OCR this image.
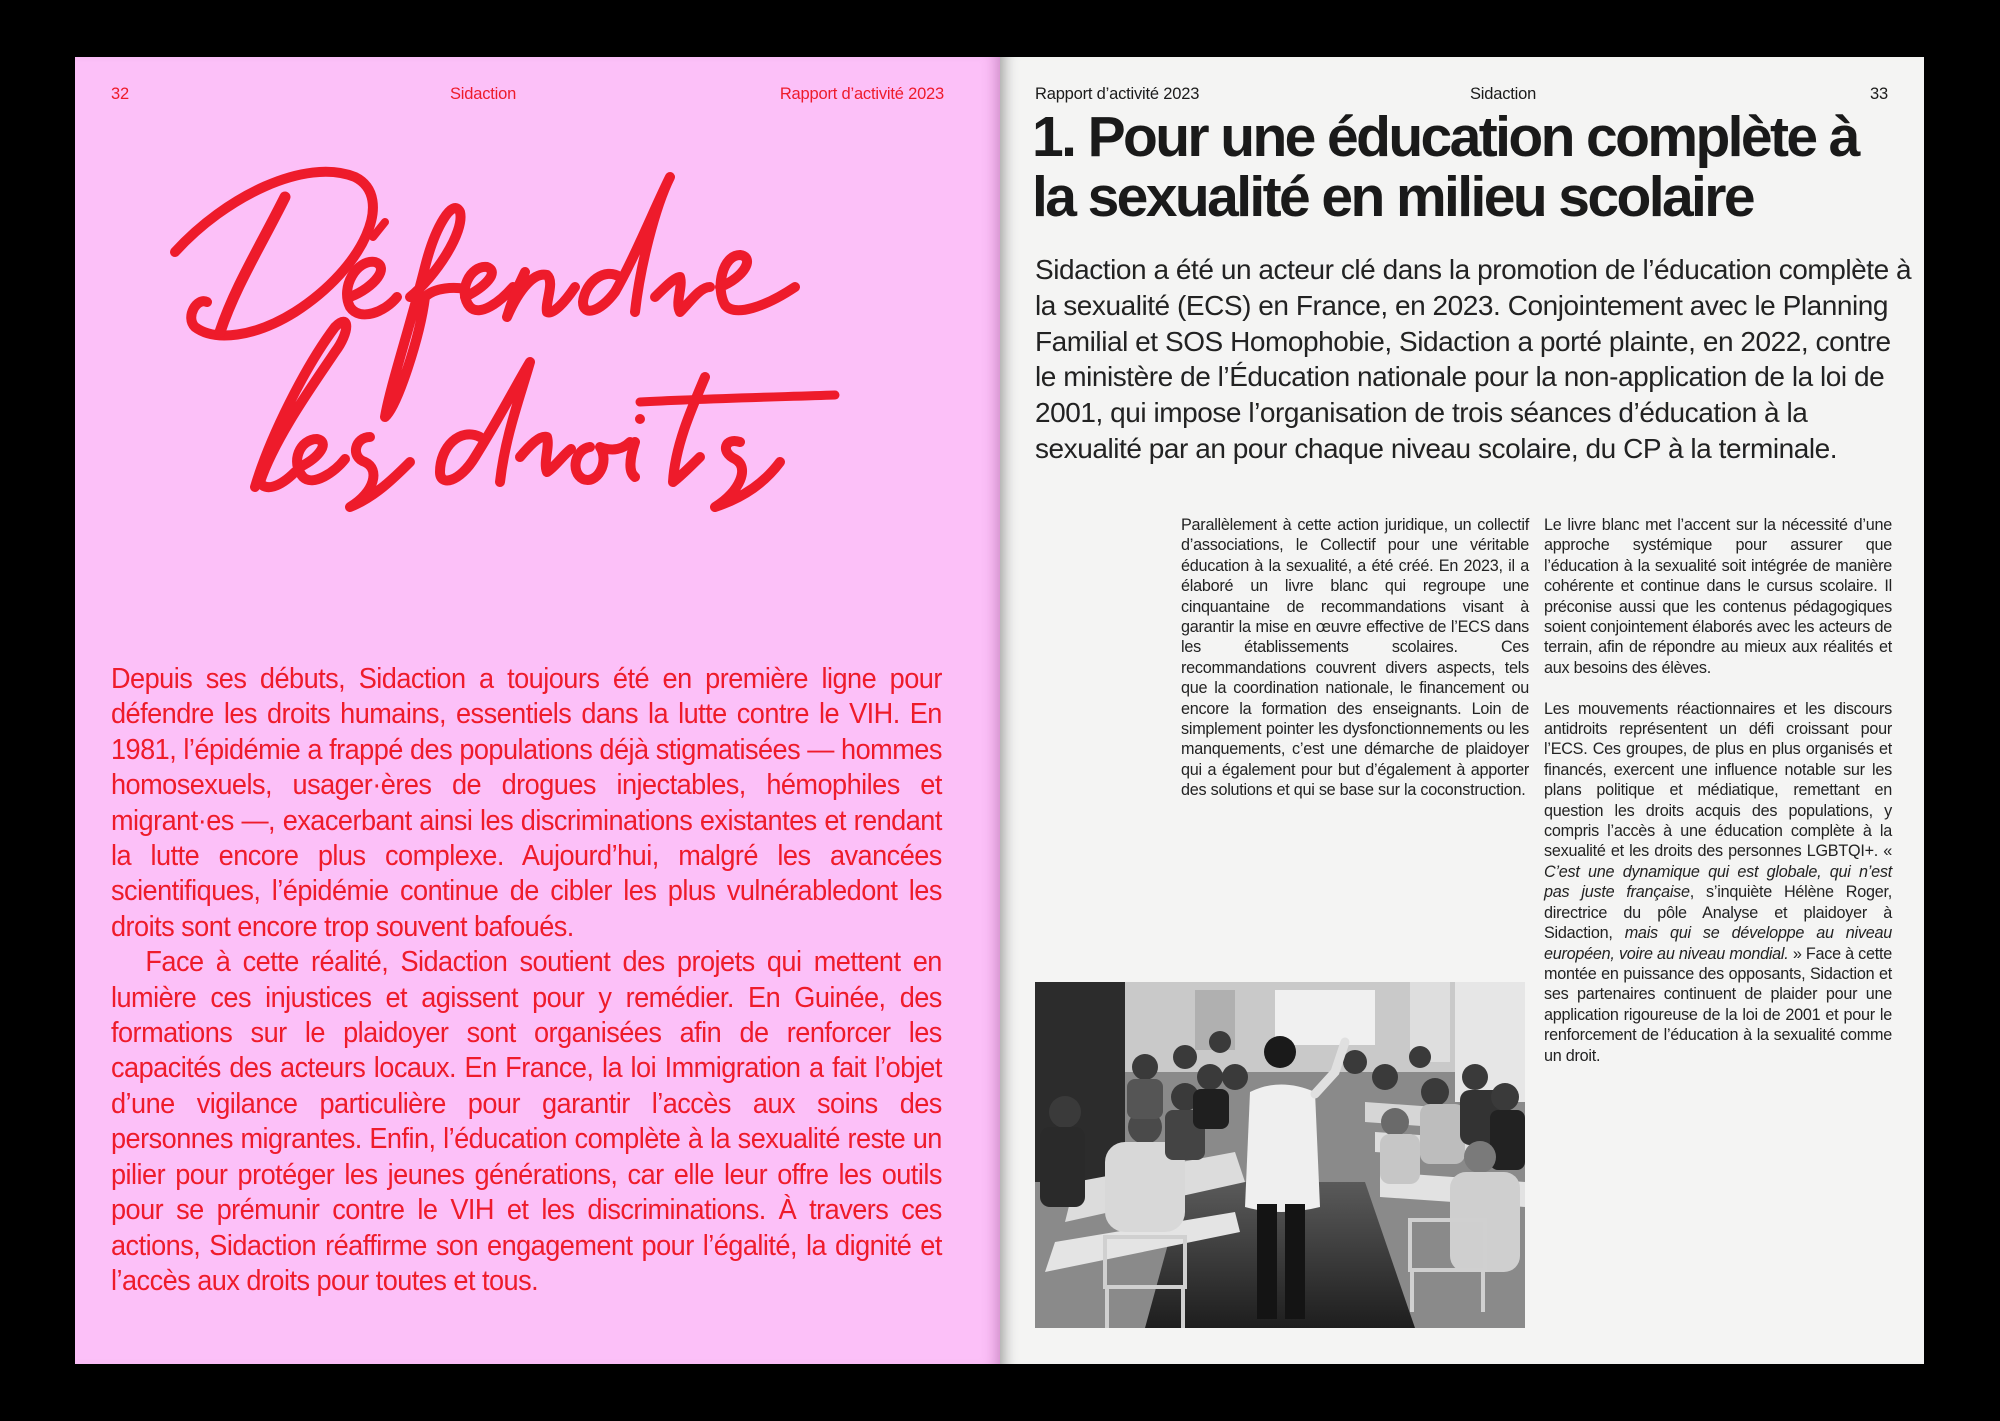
32	Sidaction	Rapport d’activité 2023

Depuis ses débuts, Sidaction a toujours été en première ligne pour défendre les droits humains, essentiels dans la lutte contre le VIH. En 1981, l’épidémie a frappé des populations déjà stigmatisées — hommes homosexuels, usager·ères de drogues injectables, hémophiles et migrant·es —, exacerbant ainsi les discriminations existantes et rendant la lutte encore plus complexe. Aujourd’hui, malgré les avancées scientifiques, l’épidémie continue de cibler les plus vulnérabledont les droits sont encore trop souvent bafoués.

Face à cette réalité, Sidaction soutient des projets qui mettent en lumière ces injustices et agissent pour y remédier. En Guinée, des formations sur le plaidoyer sont organisées afin de renforcer les capacités des acteurs locaux. En France, la loi Immigration a fait l’objet d’une vigilance particulière pour garantir l’accès aux soins des personnes migrantes. Enfin, l’éducation complète à la sexualité reste un pilier pour protéger les jeunes générations, car elle leur offre les outils pour se prémunir contre le VIH et les discriminations. À travers ces actions, Sidaction réaffirme son engagement pour l’égalité, la dignité et l’accès aux droits pour toutes et tous.

Rapport d’activité 2023	Sidaction	33
1. Pour une éducation complète à la sexualité en milieu scolaire

Sidaction a été un acteur clé dans la promotion de l’éducation complète à la sexualité (ECS) en France, en 2023. Conjointement avec le Planning Familial et SOS Homophobie, Sidaction a porté plainte, en 2022, contre le ministère de l’Éducation nationale pour la non-application de la loi de 2001, qui impose l’organisation de trois séances d’éducation à la sexualité par an pour chaque niveau scolaire, du CP à la terminale.

Parallèlement à cette action juridique, un collectif d’associations, le Collectif pour une véritable éducation à la sexualité, a été créé. En 2023, il a élaboré un livre blanc qui regroupe une cinquantaine de recommandations visant à garantir la mise en œuvre effective de l’ECS dans les établissements scolaires. Ces recommandations couvrent divers aspects, tels que la coordination nationale, le financement ou encore la formation des enseignants. Loin de simplement pointer les dysfonctionnements ou les manquements, c’est une démarche de plaidoyer qui a également pour but d’également à apporter des solutions et qui se base sur la coconstruction.

Le livre blanc met l’accent sur la nécessité d’une approche systémique pour assurer que l’éducation à la sexualité soit intégrée de manière cohérente et continue dans le cursus scolaire. Il préconise aussi que les contenus pédagogiques soient conjointement élaborés avec les acteurs de terrain, afin de répondre au mieux aux réalités et aux besoins des élèves.

Les mouvements réactionnaires et les discours antidroits représentent un défi croissant pour l’ECS. Ces groupes, de plus en plus organisés et financés, exercent une influence notable sur les plans politique et médiatique, remettant en question les droits acquis des populations, y compris l’accès à une éducation complète à la sexualité et les droits des personnes LGBTQI+. « C’est une dynamique qui est globale, qui n’est pas juste française, s’inquiète Hélène Roger, directrice du pôle Analyse et plaidoyer à Sidaction, mais qui se développe au niveau européen, voire au niveau mondial. » Face à cette montée en puissance des opposants, Sidaction et ses partenaires continuent de plaider pour une application rigoureuse de la loi de 2001 et pour le renforcement de l’éducation à la sexualité comme un droit.
